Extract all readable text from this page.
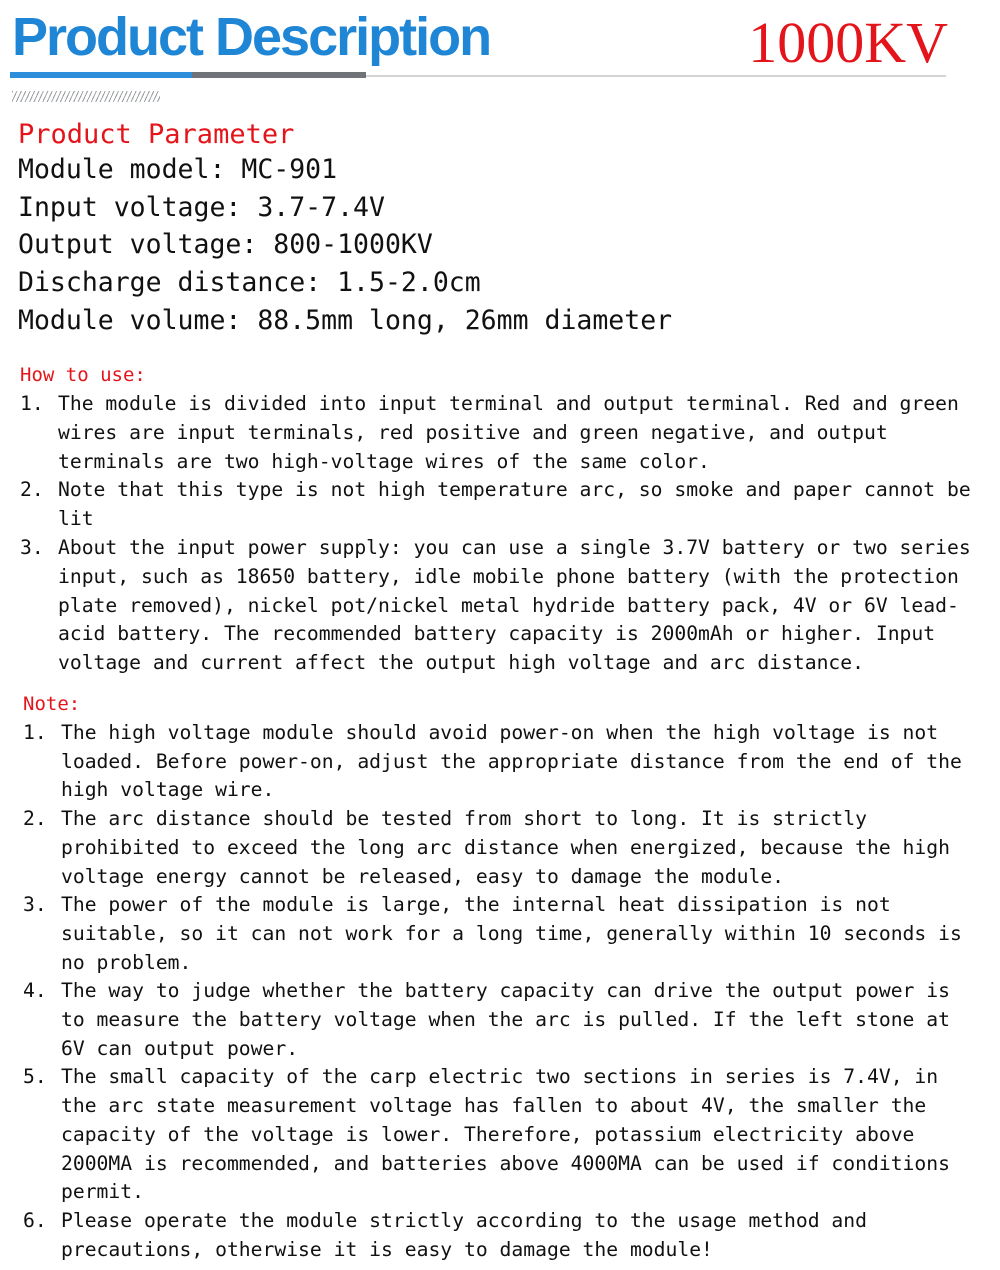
Product Description	1000KV
Product Parameter
Module model: MC-901
Input voltage: 3.7-7.4V
Output voltage: 800-1000KV
Discharge distance: 1.5-2.0cm
Module volume: 88.5mm long, 26mm diameter
How to use:
1. The module is divided into input terminal and output terminal. Red and green wires are input terminals, red positive and green negative, and output terminals are two high-voltage wires of the same color.
2. Note that this type is not high temperature arc, so smoke and paper cannot be lit
3. About the input power supply: you can use a single 3.7V battery or two series input, such as 18650 battery, idle mobile phone battery (with the protection plate removed), nickel pot/nickel metal hydride battery pack, 4V or 6V lead-acid battery. The recommended battery capacity is 2000mAh or higher. Input voltage and current affect the output high voltage and arc distance.
Note:
1. The high voltage module should avoid power-on when the high voltage is not loaded. Before power-on, adjust the appropriate distance from the end of the high voltage wire.
2. The arc distance should be tested from short to long. It is strictly prohibited to exceed the long arc distance when energized, because the high voltage energy cannot be released, easy to damage the module.
3. The power of the module is large, the internal heat dissipation is not suitable, so it can not work for a long time, generally within 10 seconds is no problem.
4. The way to judge whether the battery capacity can drive the output power is to measure the battery voltage when the arc is pulled. If the left stone at 6V can output power.
5. The small capacity of the carp electric two sections in series is 7.4V, in the arc state measurement voltage has fallen to about 4V, the smaller the capacity of the voltage is lower. Therefore, potassium electricity above 2000MA is recommended, and batteries above 4000MA can be used if conditions permit.
6. Please operate the module strictly according to the usage method and precautions, otherwise it is easy to damage the module!
